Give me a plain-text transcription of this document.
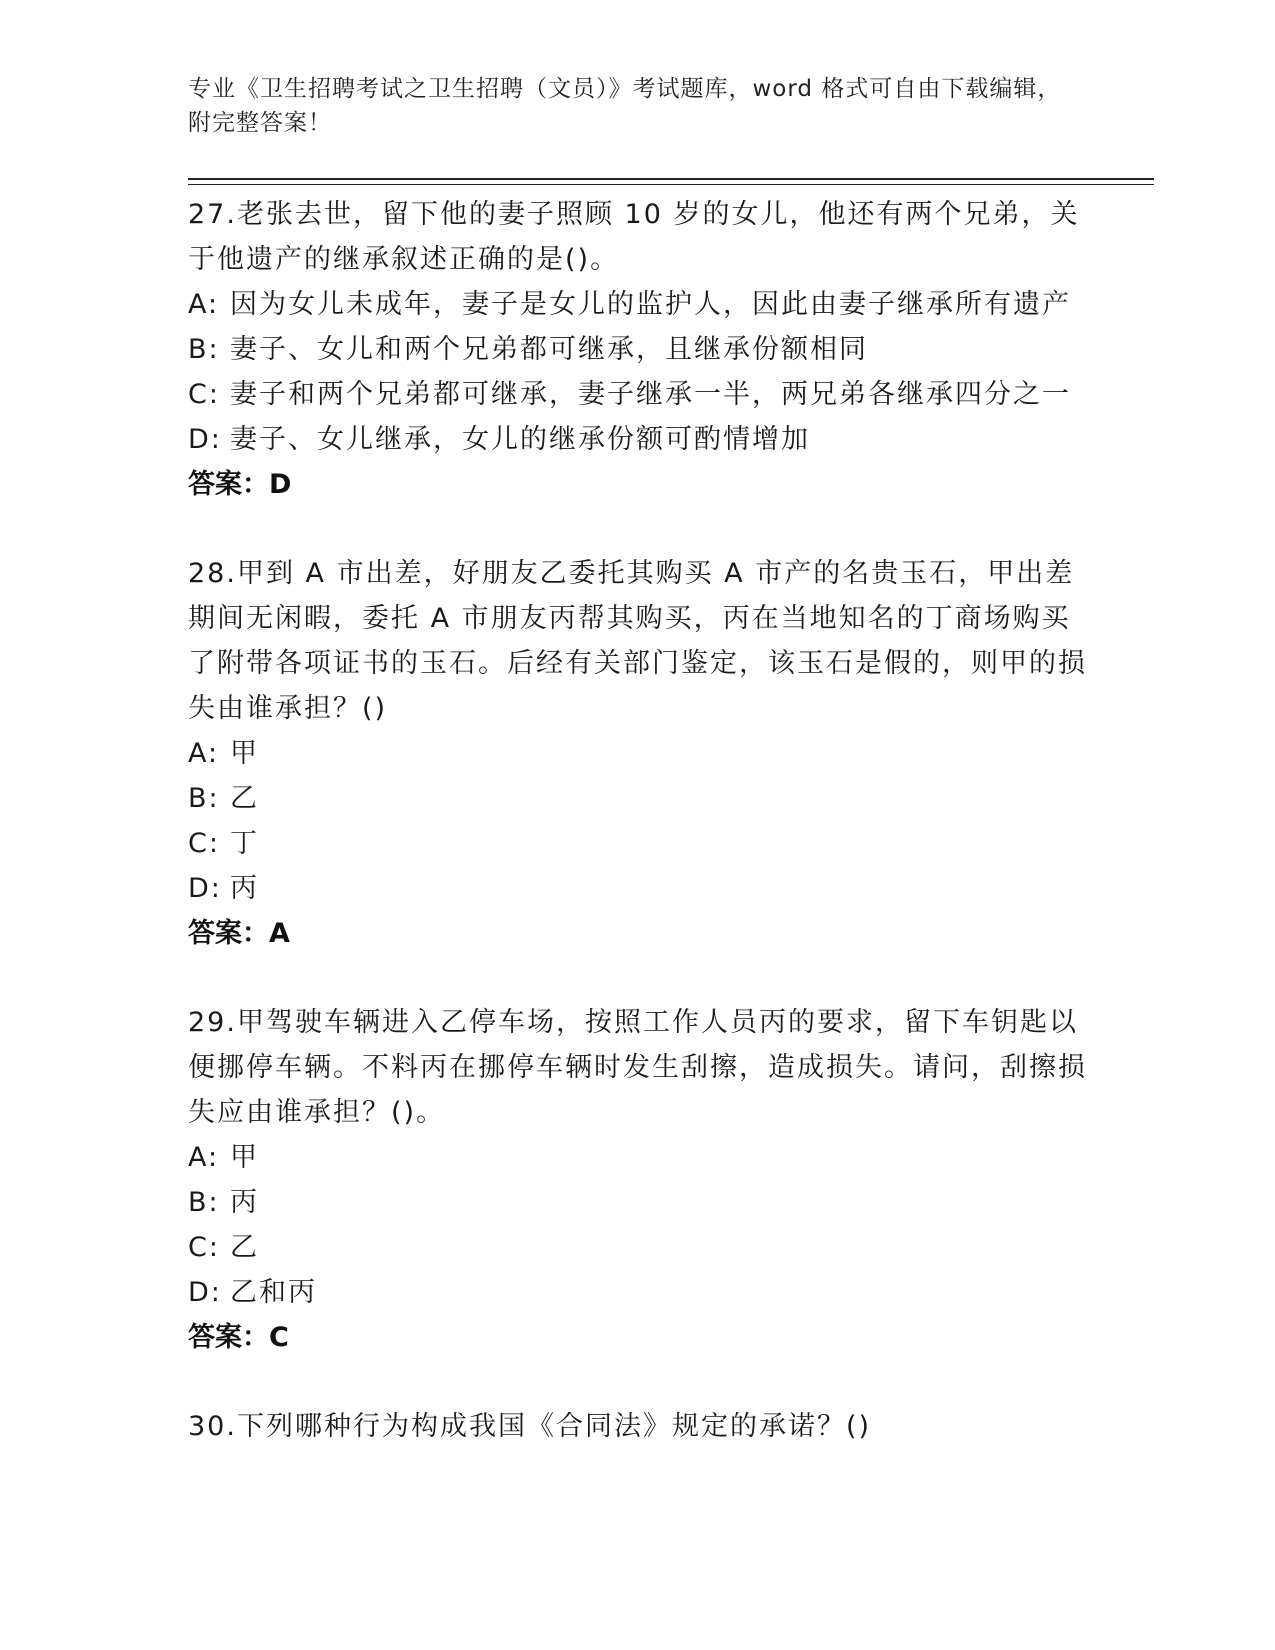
专业《卫生招聘考试之卫生招聘（文员）》考试题库，word 格式可自由下载编辑，附完整答案！
27.老张去世，留下他的妻子照顾 10 岁的女儿，他还有两个兄弟，关于他遗产的继承叙述正确的是()。
A: 因为女儿未成年，妻子是女儿的监护人，因此由妻子继承所有遗产
B: 妻子、女儿和两个兄弟都可继承，且继承份额相同
C: 妻子和两个兄弟都可继承，妻子继承一半，两兄弟各继承四分之一
D: 妻子、女儿继承，女儿的继承份额可酌情增加
答案：D
28.甲到 A 市出差，好朋友乙委托其购买 A 市产的名贵玉石，甲出差期间无闲暇，委托 A 市朋友丙帮其购买，丙在当地知名的丁商场购买了附带各项证书的玉石。后经有关部门鉴定，该玉石是假的，则甲的损失由谁承担？()
A: 甲
B: 乙
C: 丁
D: 丙
答案：A
29.甲驾驶车辆进入乙停车场，按照工作人员丙的要求，留下车钥匙以便挪停车辆。不料丙在挪停车辆时发生刮擦，造成损失。请问，刮擦损失应由谁承担？()。
A: 甲
B: 丙
C: 乙
D: 乙和丙
答案：C
30.下列哪种行为构成我国《合同法》规定的承诺？()
